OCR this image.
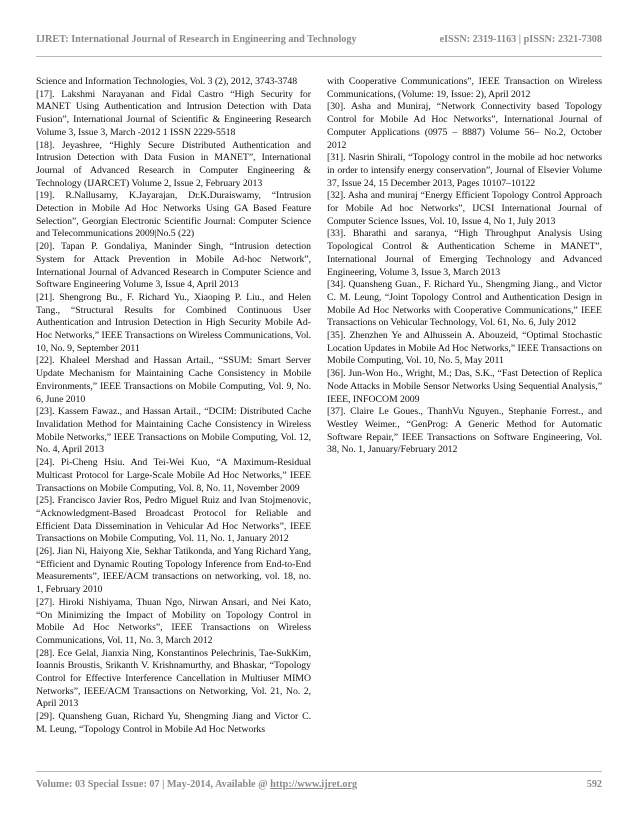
IJRET: International Journal of Research in Engineering and Technology	eISSN: 2319-1163 | pISSN: 2321-7308

Science and Information Technologies, Vol. 3 (2), 2012, 3743-3748

[17]. Lakshmi Narayanan and Fidal Castro “High Security for MANET Using Authentication and Intrusion Detection with Data Fusion”, International Journal of Scientific & Engineering Research Volume 3, Issue 3, March -2012 1 ISSN 2229-5518

[18]. Jeyashree, “Highly Secure Distributed Authentication and Intrusion Detection with Data Fusion in MANET”, International Journal of Advanced Research in Computer Engineering & Technology (IJARCET) Volume 2, Issue 2, February 2013

[19]. R.Nallusamy, K.Jayarajan, Dr.K.Duraiswamy, “Intrusion Detection in Mobile Ad Hoc Networks Using GA Based Feature Selection”, Georgian Electronic Scientific Journal: Computer Science and Telecommunications 2009|No.5 (22)

[20]. Tapan P. Gondaliya, Maninder Singh, “Intrusion detection System for Attack Prevention in Mobile Ad-hoc Network”, International Journal of Advanced Research in Computer Science and Software Engineering Volume 3, Issue 4, April 2013

[21]. Shengrong Bu., F. Richard Yu., Xiaoping P. Liu., and Helen Tang., “Structural Results for Combined Continuous User Authentication and Intrusion Detection in High Security Mobile Ad-Hoc Networks,” IEEE Transactions on Wireless Communications, Vol. 10, No. 9, September 2011

[22]. Khaleel Mershad and Hassan Artail., “SSUM: Smart Server Update Mechanism for Maintaining Cache Consistency in Mobile Environments,” IEEE Transactions on Mobile Computing, Vol. 9, No. 6, June 2010

[23]. Kassem Fawaz., and Hassan Artail., “DCIM: Distributed Cache Invalidation Method for Maintaining Cache Consistency in Wireless Mobile Networks,” IEEE Transactions on Mobile Computing, Vol. 12, No. 4, April 2013

[24]. Pi-Cheng Hsiu. And Tei-Wei Kuo, “A Maximum-Residual Multicast Protocol for Large-Scale Mobile Ad Hoc Networks,” IEEE Transactions on Mobile Computing, Vol. 8, No. 11, November 2009

[25]. Francisco Javier Ros, Pedro Miguel Ruiz and Ivan Stojmenovic, “Acknowledgment-Based Broadcast Protocol for Reliable and Efficient Data Dissemination in Vehicular Ad Hoc Networks”, IEEE Transactions on Mobile Computing, Vol. 11, No. 1, January 2012

[26]. Jian Ni, Haiyong Xie, Sekhar Tatikonda, and Yang Richard Yang, “Efficient and Dynamic Routing Topology Inference from End-to-End Measurements”, IEEE/ACM transactions on networking, vol. 18, no. 1, February 2010

[27]. Hiroki Nishiyama, Thuan Ngo, Nirwan Ansari, and Nei Kato, “On Minimizing the Impact of Mobility on Topology Control in Mobile Ad Hoc Networks”, IEEE Transactions on Wireless Communications, Vol. 11, No. 3, March 2012

[28]. Ece Gelal, Jianxia Ning, Konstantinos Pelechrinis, Tae-SukKim, Ioannis Broustis, Srikanth V. Krishnamurthy, and Bhaskar, “Topology Control for Effective Interference Cancellation in Multiuser MIMO Networks”, IEEE/ACM Transactions on Networking, Vol. 21, No. 2, April 2013

[29]. Quansheng Guan, Richard Yu, Shengming Jiang and Victor C. M. Leung, “Topology Control in Mobile Ad Hoc Networks

with Cooperative Communications”, IEEE Transaction on Wireless Communications, (Volume: 19, Issue: 2), April 2012

[30]. Asha and Muniraj, “Network Connectivity based Topology Control for Mobile Ad Hoc Networks”, International Journal of Computer Applications (0975 – 8887) Volume 56– No.2, October 2012

[31]. Nasrin Shirali, “Topology control in the mobile ad hoc networks in order to intensify energy conservation”, Journal of Elsevier Volume 37, Issue 24, 15 December 2013, Pages 10107–10122

[32]. Asha and muniraj “Energy Efficient Topology Control Approach for Mobile Ad hoc Networks”, IJCSI International Journal of Computer Science Issues, Vol. 10, Issue 4, No 1, July 2013

[33]. Bharathi and saranya, “High Throughput Analysis Using Topological Control & Authentication Scheme in MANET”, International Journal of Emerging Technology and Advanced Engineering, Volume 3, Issue 3, March 2013

[34]. Quansheng Guan., F. Richard Yu., Shengming Jiang., and Victor C. M. Leung, “Joint Topology Control and Authentication Design in Mobile Ad Hoc Networks with Cooperative Communications,” IEEE Transactions on Vehicular Technology, Vol. 61, No. 6, July 2012

[35]. Zhenzhen Ye and Alhussein A. Abouzeid, “Optimal Stochastic Location Updates in Mobile Ad Hoc Networks,” IEEE Transactions on Mobile Computing, Vol. 10, No. 5, May 2011

[36]. Jun-Won Ho., Wright, M.; Das, S.K., “Fast Detection of Replica Node Attacks in Mobile Sensor Networks Using Sequential Analysis,” IEEE, INFOCOM 2009

[37]. Claire Le Goues., ThanhVu Nguyen., Stephanie Forrest., and Westley Weimer., “GenProg: A Generic Method for Automatic Software Repair,” IEEE Transactions on Software Engineering, Vol. 38, No. 1, January/February 2012

Volume: 03 Special Issue: 07 | May-2014, Available @ http://www.ijret.org	592
